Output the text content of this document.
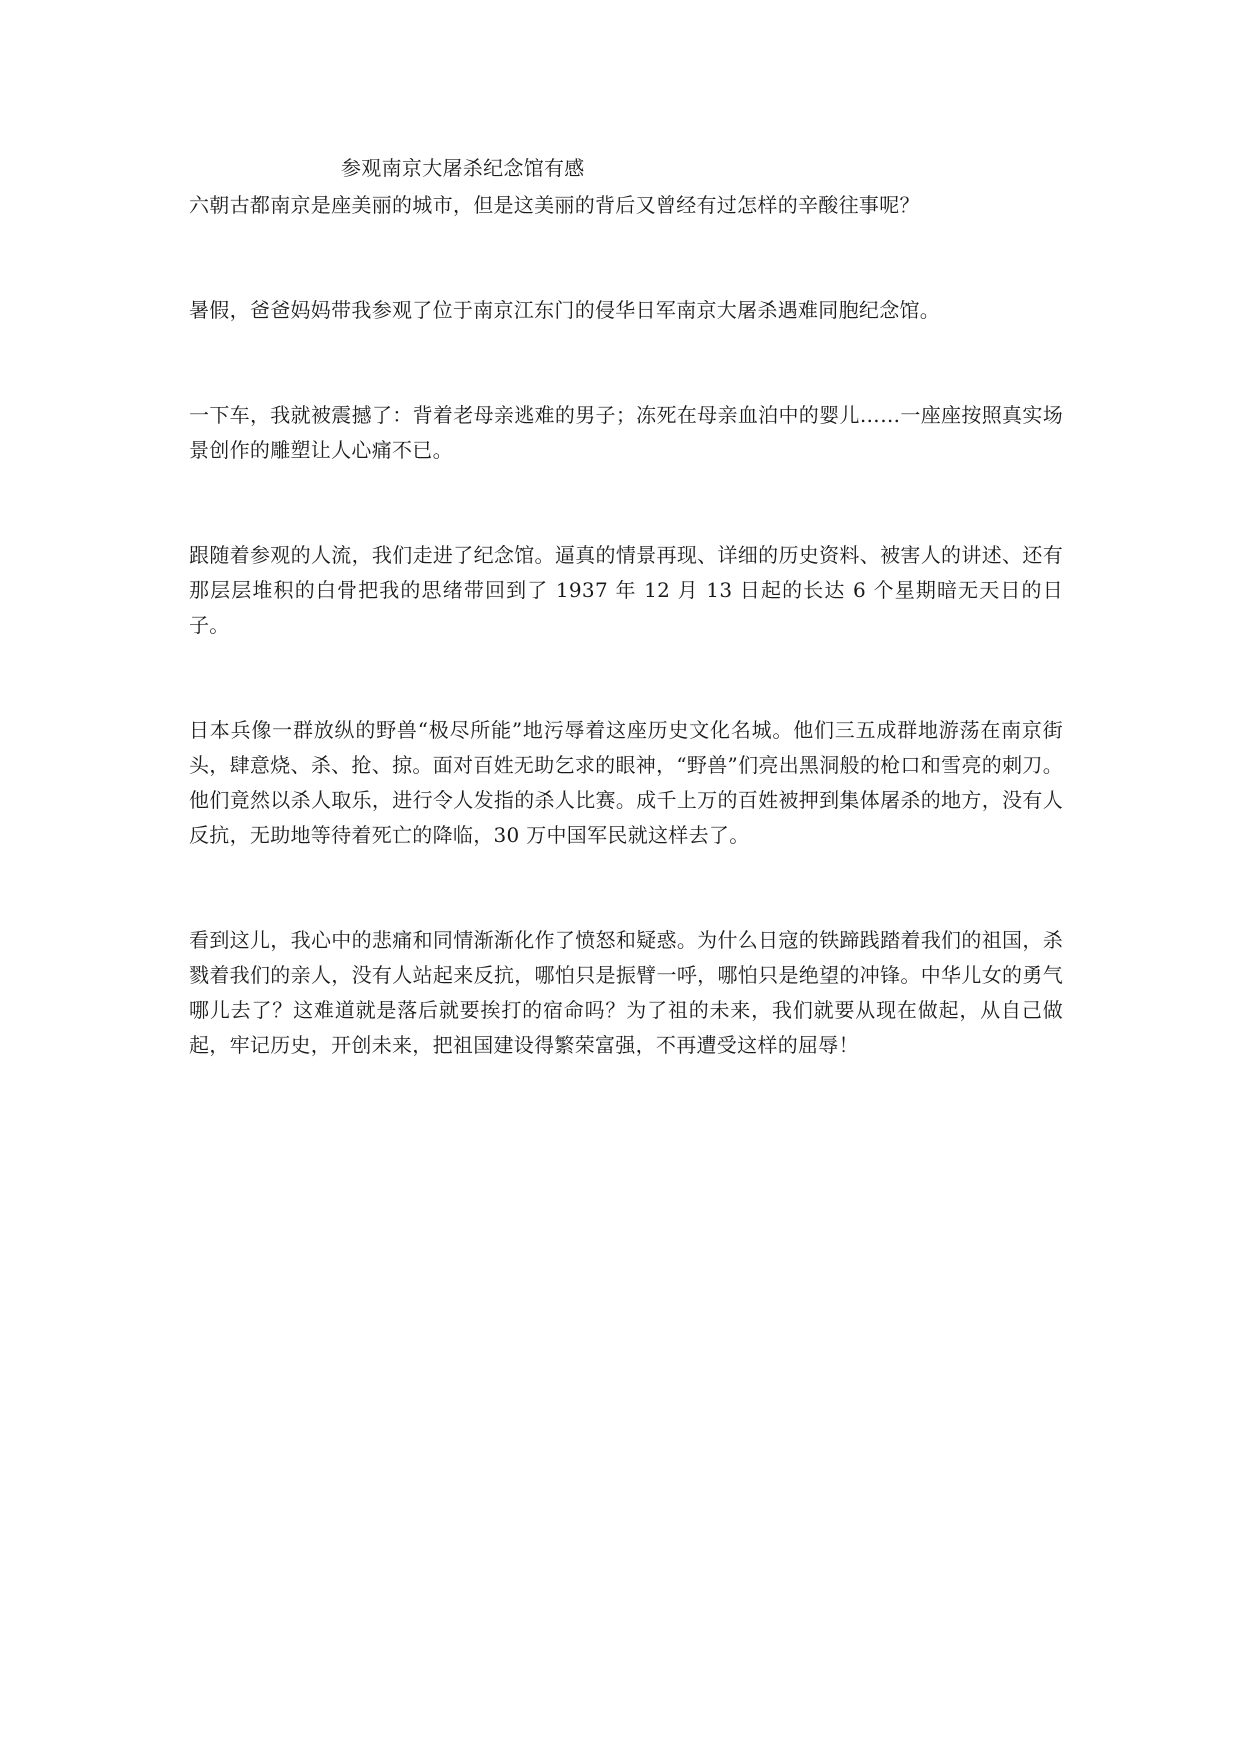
参观南京大屠杀纪念馆有感

六朝古都南京是座美丽的城市，但是这美丽的背后又曾经有过怎样的辛酸往事呢？

暑假，爸爸妈妈带我参观了位于南京江东门的侵华日军南京大屠杀遇难同胞纪念馆。

一下车，我就被震撼了：背着老母亲逃难的男子；冻死在母亲血泊中的婴儿……一座座按照真实场景创作的雕塑让人心痛不已。

跟随着参观的人流，我们走进了纪念馆。逼真的情景再现、详细的历史资料、被害人的讲述、还有那层层堆积的白骨把我的思绪带回到了 1937 年 12 月 13 日起的长达 6 个星期暗无天日的日子。

日本兵像一群放纵的野兽“极尽所能”地污辱着这座历史文化名城。他们三五成群地游荡在南京街头，肆意烧、杀、抢、掠。面对百姓无助乞求的眼神，“野兽”们亮出黑洞般的枪口和雪亮的刺刀。他们竟然以杀人取乐，进行令人发指的杀人比赛。成千上万的百姓被押到集体屠杀的地方，没有人反抗，无助地等待着死亡的降临，30 万中国军民就这样去了。

看到这儿，我心中的悲痛和同情渐渐化作了愤怒和疑惑。为什么日寇的铁蹄践踏着我们的祖国，杀戮着我们的亲人，没有人站起来反抗，哪怕只是振臂一呼，哪怕只是绝望的冲锋。中华儿女的勇气哪儿去了？这难道就是落后就要挨打的宿命吗？为了祖的未来，我们就要从现在做起，从自己做起，牢记历史，开创未来，把祖国建设得繁荣富强，不再遭受这样的屈辱！
